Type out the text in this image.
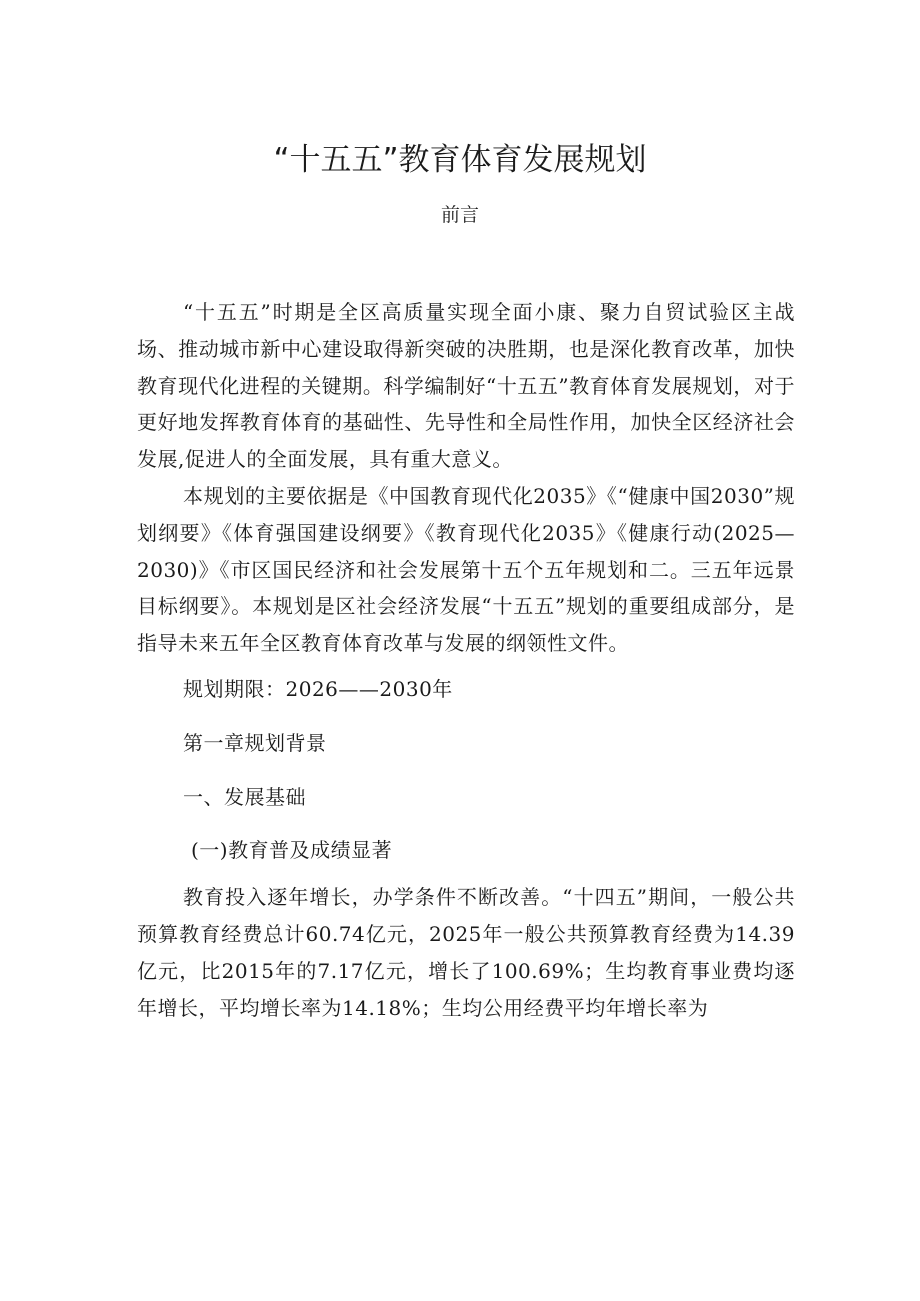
“十五五”教育体育发展规划
前言

“十五五”时期是全区高质量实现全面小康、聚力自贸试验区主战场、推动城市新中心建设取得新突破的决胜期，也是深化教育改革，加快教育现代化进程的关键期。科学编制好“十五五”教育体育发展规划，对于更好地发挥教育体育的基础性、先导性和全局性作用，加快全区经济社会发展,促进人的全面发展，具有重大意义。

本规划的主要依据是《中国教育现代化2035》《“健康中国2030”规划纲要》《体育强国建设纲要》《教育现代化2035》《健康行动(2025—2030)》《市区国民经济和社会发展第十五个五年规划和二。三五年远景目标纲要》。本规划是区社会经济发展“十五五”规划的重要组成部分，是指导未来五年全区教育体育改革与发展的纲领性文件。

规划期限：2026——2030年

第一章规划背景

一、发展基础

(一)教育普及成绩显著

教育投入逐年增长，办学条件不断改善。“十四五”期间，一般公共预算教育经费总计60.74亿元，2025年一般公共预算教育经费为14.39亿元，比2015年的7.17亿元，增长了100.69%；生均教育事业费均逐年增长，平均增长率为14.18%；生均公用经费平均年增长率为
